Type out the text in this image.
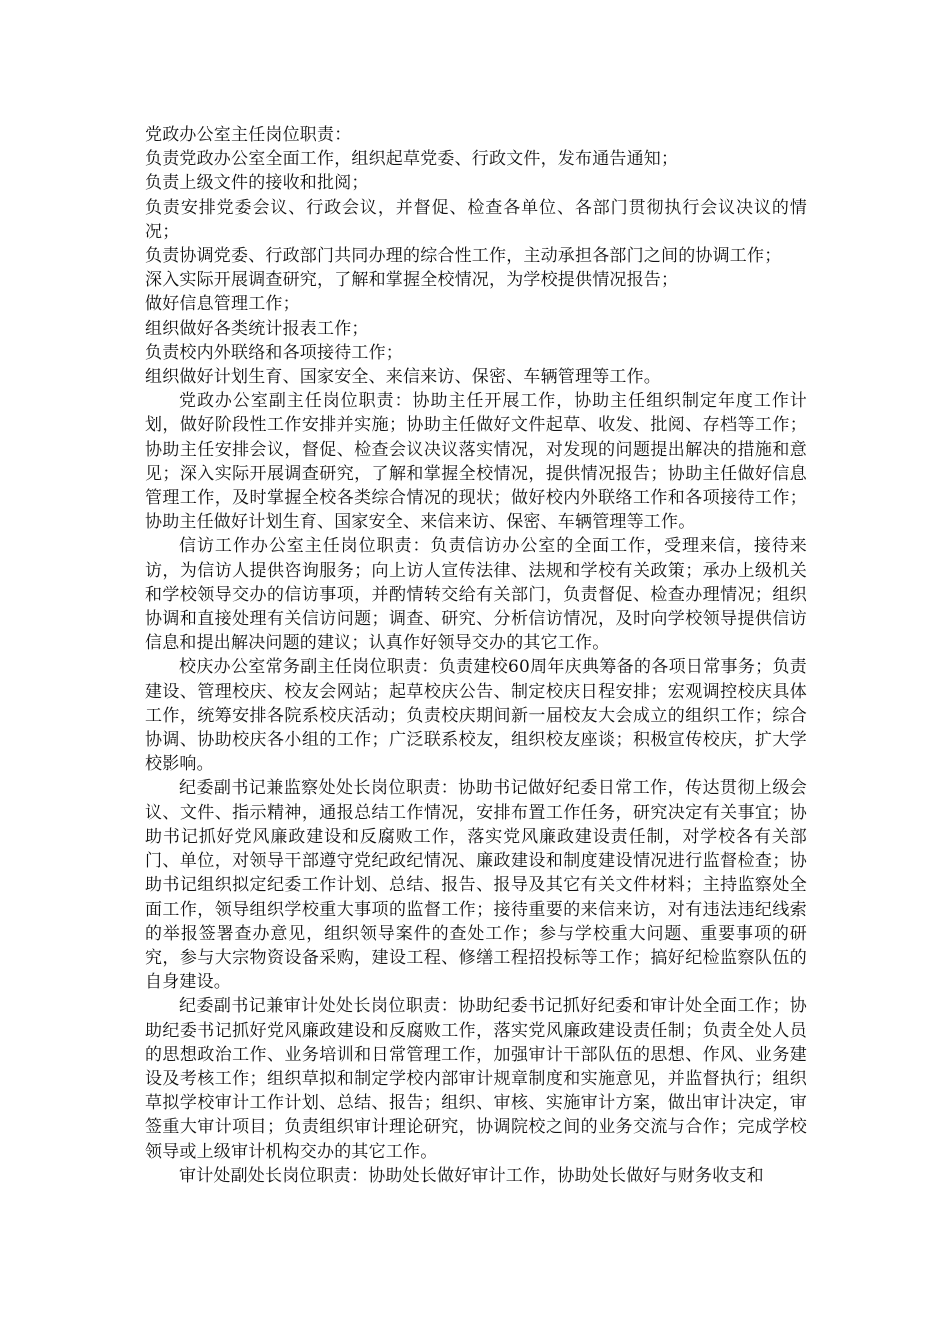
党政办公室主任岗位职责：

负责党政办公室全面工作，组织起草党委、行政文件，发布通告通知；

负责上级文件的接收和批阅；

负责安排党委会议、行政会议，并督促、检查各单位、各部门贯彻执行会议决议的情况；

负责协调党委、行政部门共同办理的综合性工作，主动承担各部门之间的协调工作；

深入实际开展调查研究，了解和掌握全校情况，为学校提供情况报告；

做好信息管理工作；

组织做好各类统计报表工作；

负责校内外联络和各项接待工作；

组织做好计划生育、国家安全、来信来访、保密、车辆管理等工作。

党政办公室副主任岗位职责：协助主任开展工作，协助主任组织制定年度工作计划，做好阶段性工作安排并实施；协助主任做好文件起草、收发、批阅、存档等工作；协助主任安排会议，督促、检查会议决议落实情况，对发现的问题提出解决的措施和意见；深入实际开展调查研究，了解和掌握全校情况，提供情况报告；协助主任做好信息管理工作，及时掌握全校各类综合情况的现状；做好校内外联络工作和各项接待工作；协助主任做好计划生育、国家安全、来信来访、保密、车辆管理等工作。

信访工作办公室主任岗位职责：负责信访办公室的全面工作，受理来信，接待来访，为信访人提供咨询服务；向上访人宣传法律、法规和学校有关政策；承办上级机关和学校领导交办的信访事项，并酌情转交给有关部门，负责督促、检查办理情况；组织协调和直接处理有关信访问题；调查、研究、分析信访情况，及时向学校领导提供信访信息和提出解决问题的建议；认真作好领导交办的其它工作。

校庆办公室常务副主任岗位职责：负责建校60周年庆典筹备的各项日常事务；负责建设、管理校庆、校友会网站；起草校庆公告、制定校庆日程安排；宏观调控校庆具体工作，统筹安排各院系校庆活动；负责校庆期间新一届校友大会成立的组织工作；综合协调、协助校庆各小组的工作；广泛联系校友，组织校友座谈；积极宣传校庆，扩大学校影响。

纪委副书记兼监察处处长岗位职责：协助书记做好纪委日常工作，传达贯彻上级会议、文件、指示精神，通报总结工作情况，安排布置工作任务，研究决定有关事宜；协助书记抓好党风廉政建设和反腐败工作，落实党风廉政建设责任制，对学校各有关部门、单位，对领导干部遵守党纪政纪情况、廉政建设和制度建设情况进行监督检查；协助书记组织拟定纪委工作计划、总结、报告、报导及其它有关文件材料；主持监察处全面工作，领导组织学校重大事项的监督工作；接待重要的来信来访，对有违法违纪线索的举报签署查办意见，组织领导案件的查处工作；参与学校重大问题、重要事项的研究，参与大宗物资设备采购，建设工程、修缮工程招投标等工作；搞好纪检监察队伍的自身建设。

纪委副书记兼审计处处长岗位职责：协助纪委书记抓好纪委和审计处全面工作；协助纪委书记抓好党风廉政建设和反腐败工作，落实党风廉政建设责任制；负责全处人员的思想政治工作、业务培训和日常管理工作，加强审计干部队伍的思想、作风、业务建设及考核工作；组织草拟和制定学校内部审计规章制度和实施意见，并监督执行；组织草拟学校审计工作计划、总结、报告；组织、审核、实施审计方案，做出审计决定，审签重大审计项目；负责组织审计理论研究，协调院校之间的业务交流与合作；完成学校领导或上级审计机构交办的其它工作。

审计处副处长岗位职责：协助处长做好审计工作，协助处长做好与财务收支和
